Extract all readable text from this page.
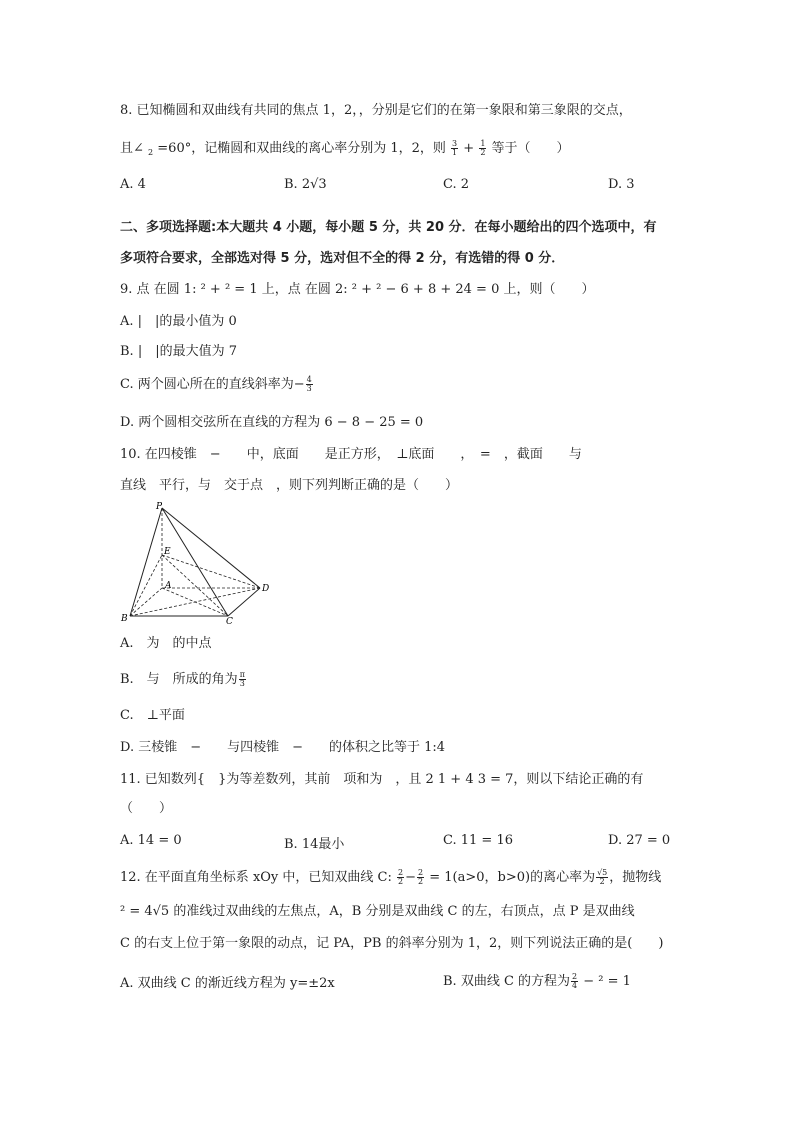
8. 已知椭圆和双曲线有共同的焦点 1，2，，分别是它们的在第一象限和第三象限的交点，
且∠ $_2$ =60°，记椭圆和双曲线的离心率分别为 1，2，则 $\frac{3}{1} + \frac{1}{2}$ 等于（　　）
A. 4	B. 2√3	C. 2	D. 3
二、多项选择题:本大题共 4 小题，每小题 5 分，共 20 分．在每小题给出的四个选项中，有
多项符合要求，全部选对得 5 分，选对但不全的得 2 分，有选错的得 0 分．
9. 点 在圆 1: ² + ² = 1 上，点 在圆 2: ² + ² − 6 + 8 + 24 = 0 上，则（　　）
A. |　|的最小值为 0
B. |　|的最大值为 7
C. 两个圆心所在的直线斜率为− $\frac{4}{3}$
D. 两个圆相交弦所在直线的方程为 6 − 8 − 25 = 0
10. 在四棱锥　−　　中，底面　　是正方形，　⊥底面　　，　=　，截面　　与
直线　平行，与　交于点　，则下列判断正确的是（　　）
P
E
A	D
B	C
A.　为　的中点
B.　与　所成的角为 $\frac{\pi}{3}$
C.　⊥平面
D. 三棱锥　−　　与四棱锥　−　　的体积之比等于 1:4
11. 已知数列{　}为等差数列，其前　项和为　，且 2 1 + 4 3 = 7，则以下结论正确的有
（　　）
A. 14 = 0	B. 14最小	C. 11 = 16	D. 27 = 0
12. 在平面直角坐标系 xOy 中，已知双曲线 C: $\frac{2}{2} - \frac{2}{2} = 1(a>0$，b>0)的离心率为 $\frac{√5}{2}$ ，抛物线
² = 4√5 的准线过双曲线的左焦点，A，B 分别是双曲线 C 的左，右顶点，点 P 是双曲线
C 的右支上位于第一象限的动点，记 PA，PB 的斜率分别为 1，2，则下列说法正确的是(　　)
A. 双曲线 C 的渐近线方程为 y=±2x	B. 双曲线 C 的方程为 $\frac{2}{4} - ^2 = 1$
